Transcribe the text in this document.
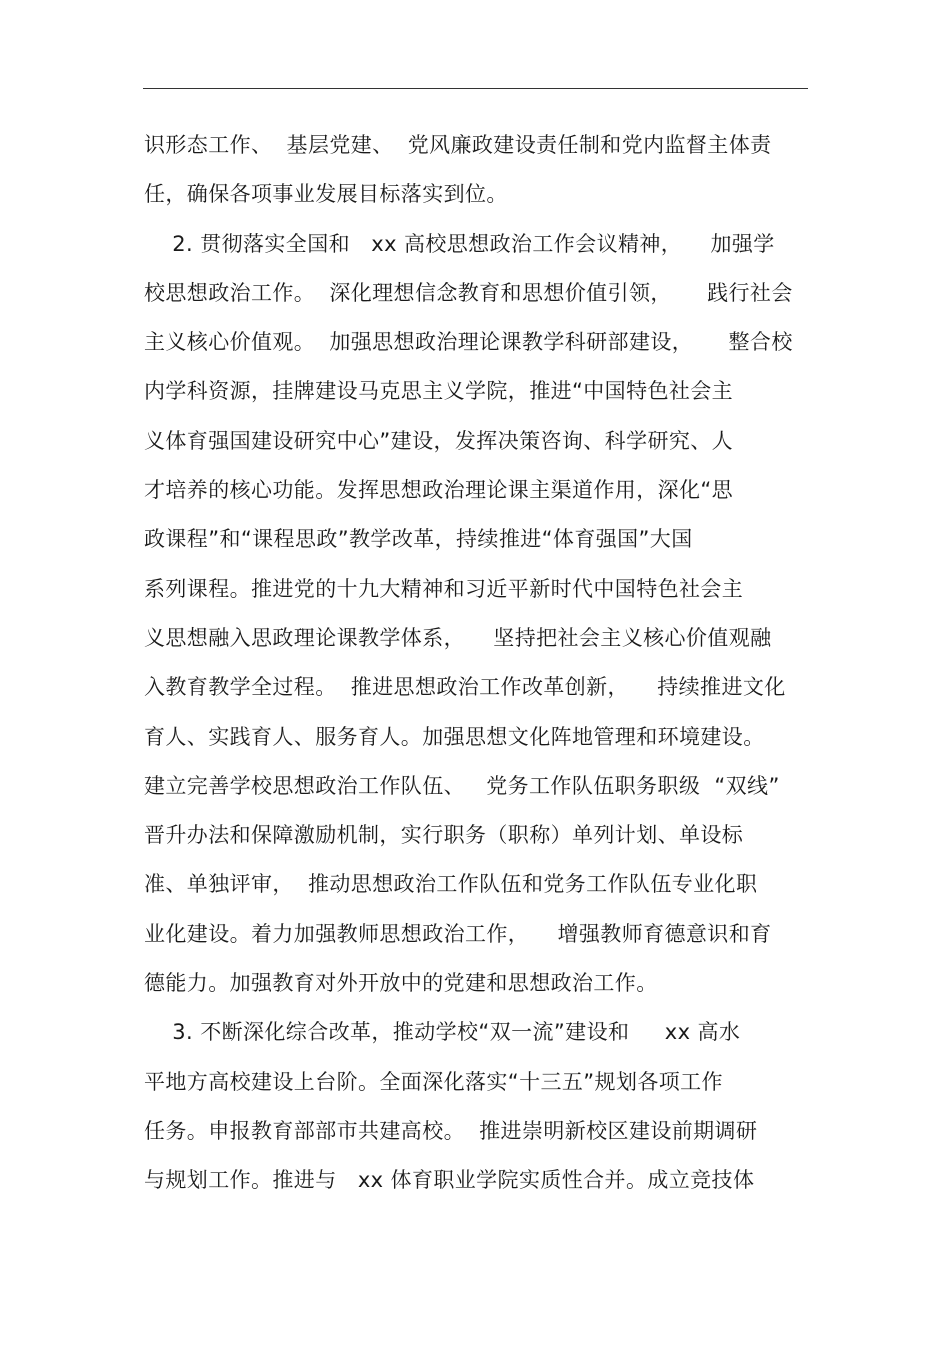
识形态工作、  基层党建、  党风廉政建设责任制和党内监督主体责
任，确保各项事业发展目标落实到位。
2. 贯彻落实全国和   xx 高校思想政治工作会议精神，    加强学
校思想政治工作。  深化理想信念教育和思想价值引领，     践行社会
主义核心价值观。  加强思想政治理论课教学科研部建设，     整合校
内学科资源，挂牌建设马克思主义学院，推进“中国特色社会主
义体育强国建设研究中心”建设，发挥决策咨询、科学研究、人
才培养的核心功能。发挥思想政治理论课主渠道作用，深化“思
政课程”和“课程思政”教学改革，持续推进“体育强国”大国
系列课程。推进党的十九大精神和习近平新时代中国特色社会主
义思想融入思政理论课教学体系，    坚持把社会主义核心价值观融
入教育教学全过程。  推进思想政治工作改革创新，    持续推进文化
育人、实践育人、服务育人。加强思想文化阵地管理和环境建设。
建立完善学校思想政治工作队伍、   党务工作队伍职务职级  “双线”
晋升办法和保障激励机制，实行职务（职称）单列计划、单设标
准、单独评审，  推动思想政治工作队伍和党务工作队伍专业化职
业化建设。着力加强教师思想政治工作，    增强教师育德意识和育
德能力。加强教育对外开放中的党建和思想政治工作。
3. 不断深化综合改革，推动学校“双一流”建设和     xx 高水
平地方高校建设上台阶。全面深化落实“十三五”规划各项工作
任务。申报教育部部市共建高校。  推进崇明新校区建设前期调研
与规划工作。推进与   xx 体育职业学院实质性合并。成立竞技体
